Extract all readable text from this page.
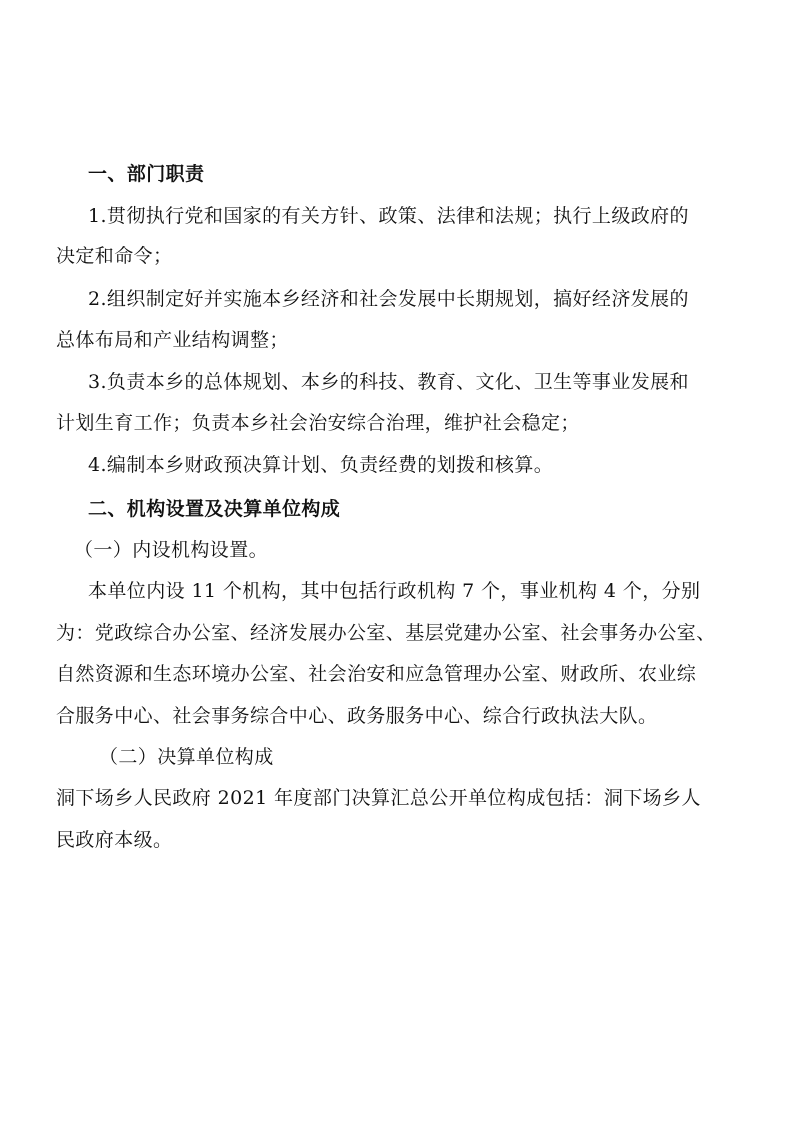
一、部门职责
1.贯彻执行党和国家的有关方针、政策、法律和法规；执行上级政府的
决定和命令；
2.组织制定好并实施本乡经济和社会发展中长期规划，搞好经济发展的
总体布局和产业结构调整；
3.负责本乡的总体规划、本乡的科技、教育、文化、卫生等事业发展和
计划生育工作；负责本乡社会治安综合治理，维护社会稳定；
4.编制本乡财政预决算计划、负责经费的划拨和核算。
二、机构设置及决算单位构成
（一）内设机构设置。
本单位内设 11 个机构，其中包括行政机构 7 个，事业机构 4 个，分别
为：党政综合办公室、经济发展办公室、基层党建办公室、社会事务办公室、
自然资源和生态环境办公室、社会治安和应急管理办公室、财政所、农业综
合服务中心、社会事务综合中心、政务服务中心、综合行政执法大队。
（二）决算单位构成
洞下场乡人民政府 2021 年度部门决算汇总公开单位构成包括：洞下场乡人
民政府本级。
